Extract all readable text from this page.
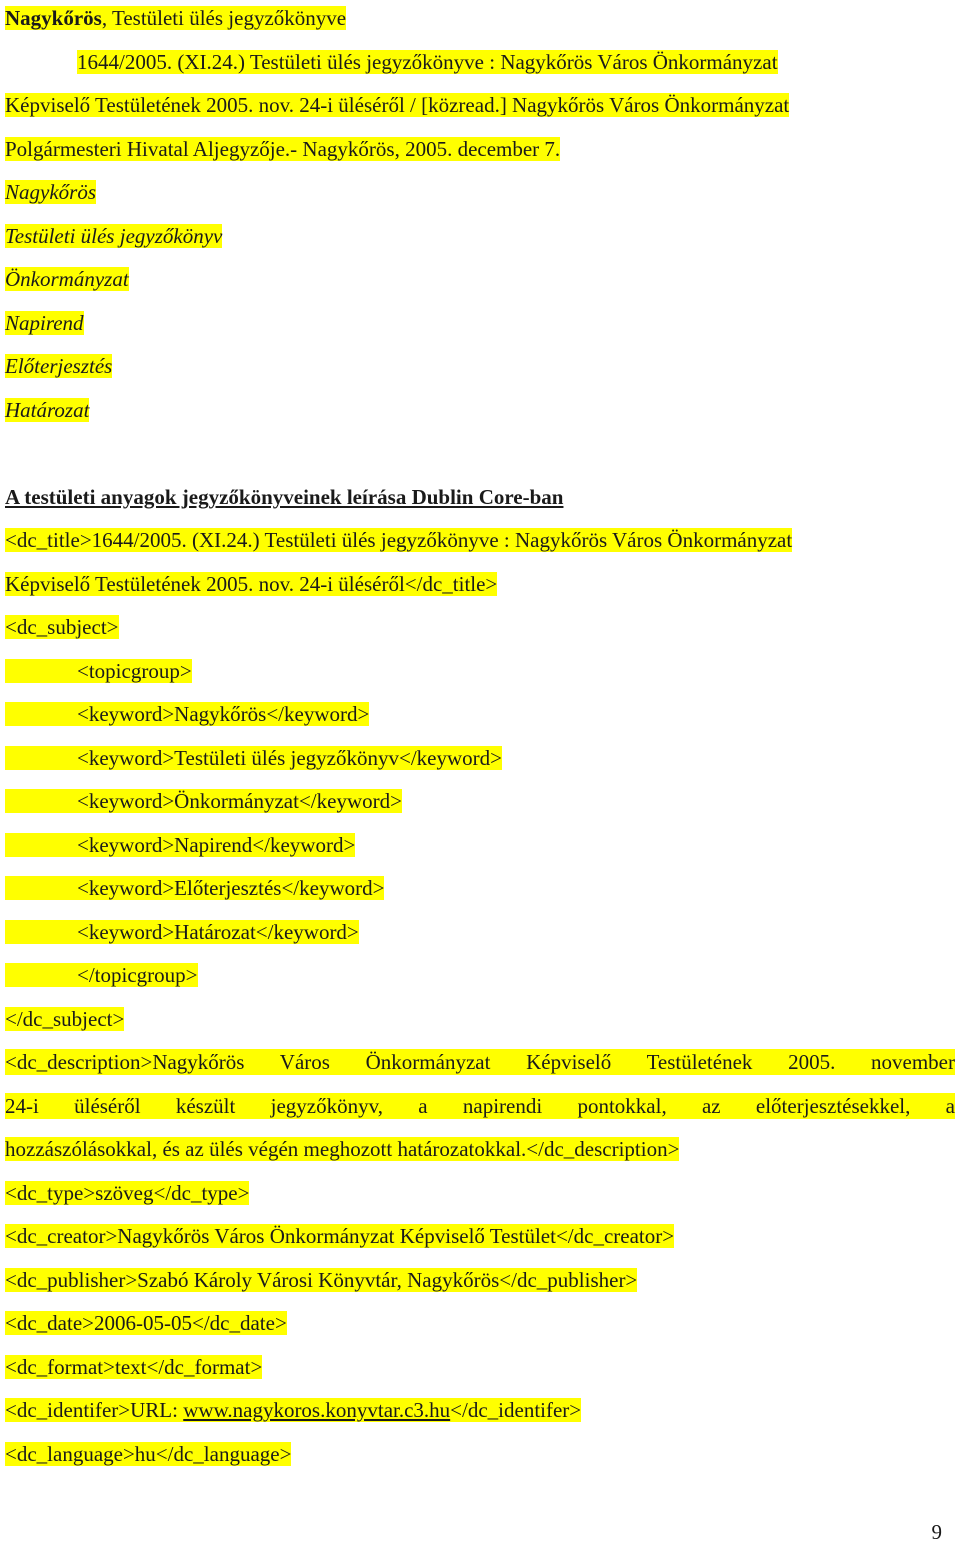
Nagykőrös, Testületi ülés jegyzőkönyve
1644/2005. (XI.24.) Testületi ülés jegyzőkönyve : Nagykőrös Város Önkormányzat
Képviselő Testületének 2005. nov. 24-i üléséről / [közread.] Nagykőrös Város Önkormányzat
Polgármesteri Hivatal Aljegyzője.- Nagykőrös, 2005. december 7.
Nagykőrös
Testületi ülés jegyzőkönyv
Önkormányzat
Napirend
Előterjesztés
Határozat
A testületi anyagok jegyzőkönyveinek leírása Dublin Core-ban
<dc_title>1644/2005. (XI.24.) Testületi ülés jegyzőkönyve : Nagykőrös Város Önkormányzat
Képviselő Testületének 2005. nov. 24-i üléséről</dc_title>
<dc_subject>
<topicgroup>
<keyword>Nagykőrös</keyword>
<keyword>Testületi ülés jegyzőkönyv</keyword>
<keyword>Önkormányzat</keyword>
<keyword>Napirend</keyword>
<keyword>Előterjesztés</keyword>
<keyword>Határozat</keyword>
</topicgroup>
</dc_subject>
<dc_description>Nagykőrös Város Önkormányzat Képviselő Testületének 2005. november
24-i üléséről készült jegyzőkönyv, a napirendi pontokkal, az előterjesztésekkel, a
hozzászólásokkal, és az ülés végén meghozott határozatokkal.</dc_description>
<dc_type>szöveg</dc_type>
<dc_creator>Nagykőrös Város Önkormányzat Képviselő Testület</dc_creator>
<dc_publisher>Szabó Károly Városi Könyvtár, Nagykőrös</dc_publisher>
<dc_date>2006-05-05</dc_date>
<dc_format>text</dc_format>
<dc_identifer>URL: www.nagykoros.konyvtar.c3.hu</dc_identifer>
<dc_language>hu</dc_language>
9
